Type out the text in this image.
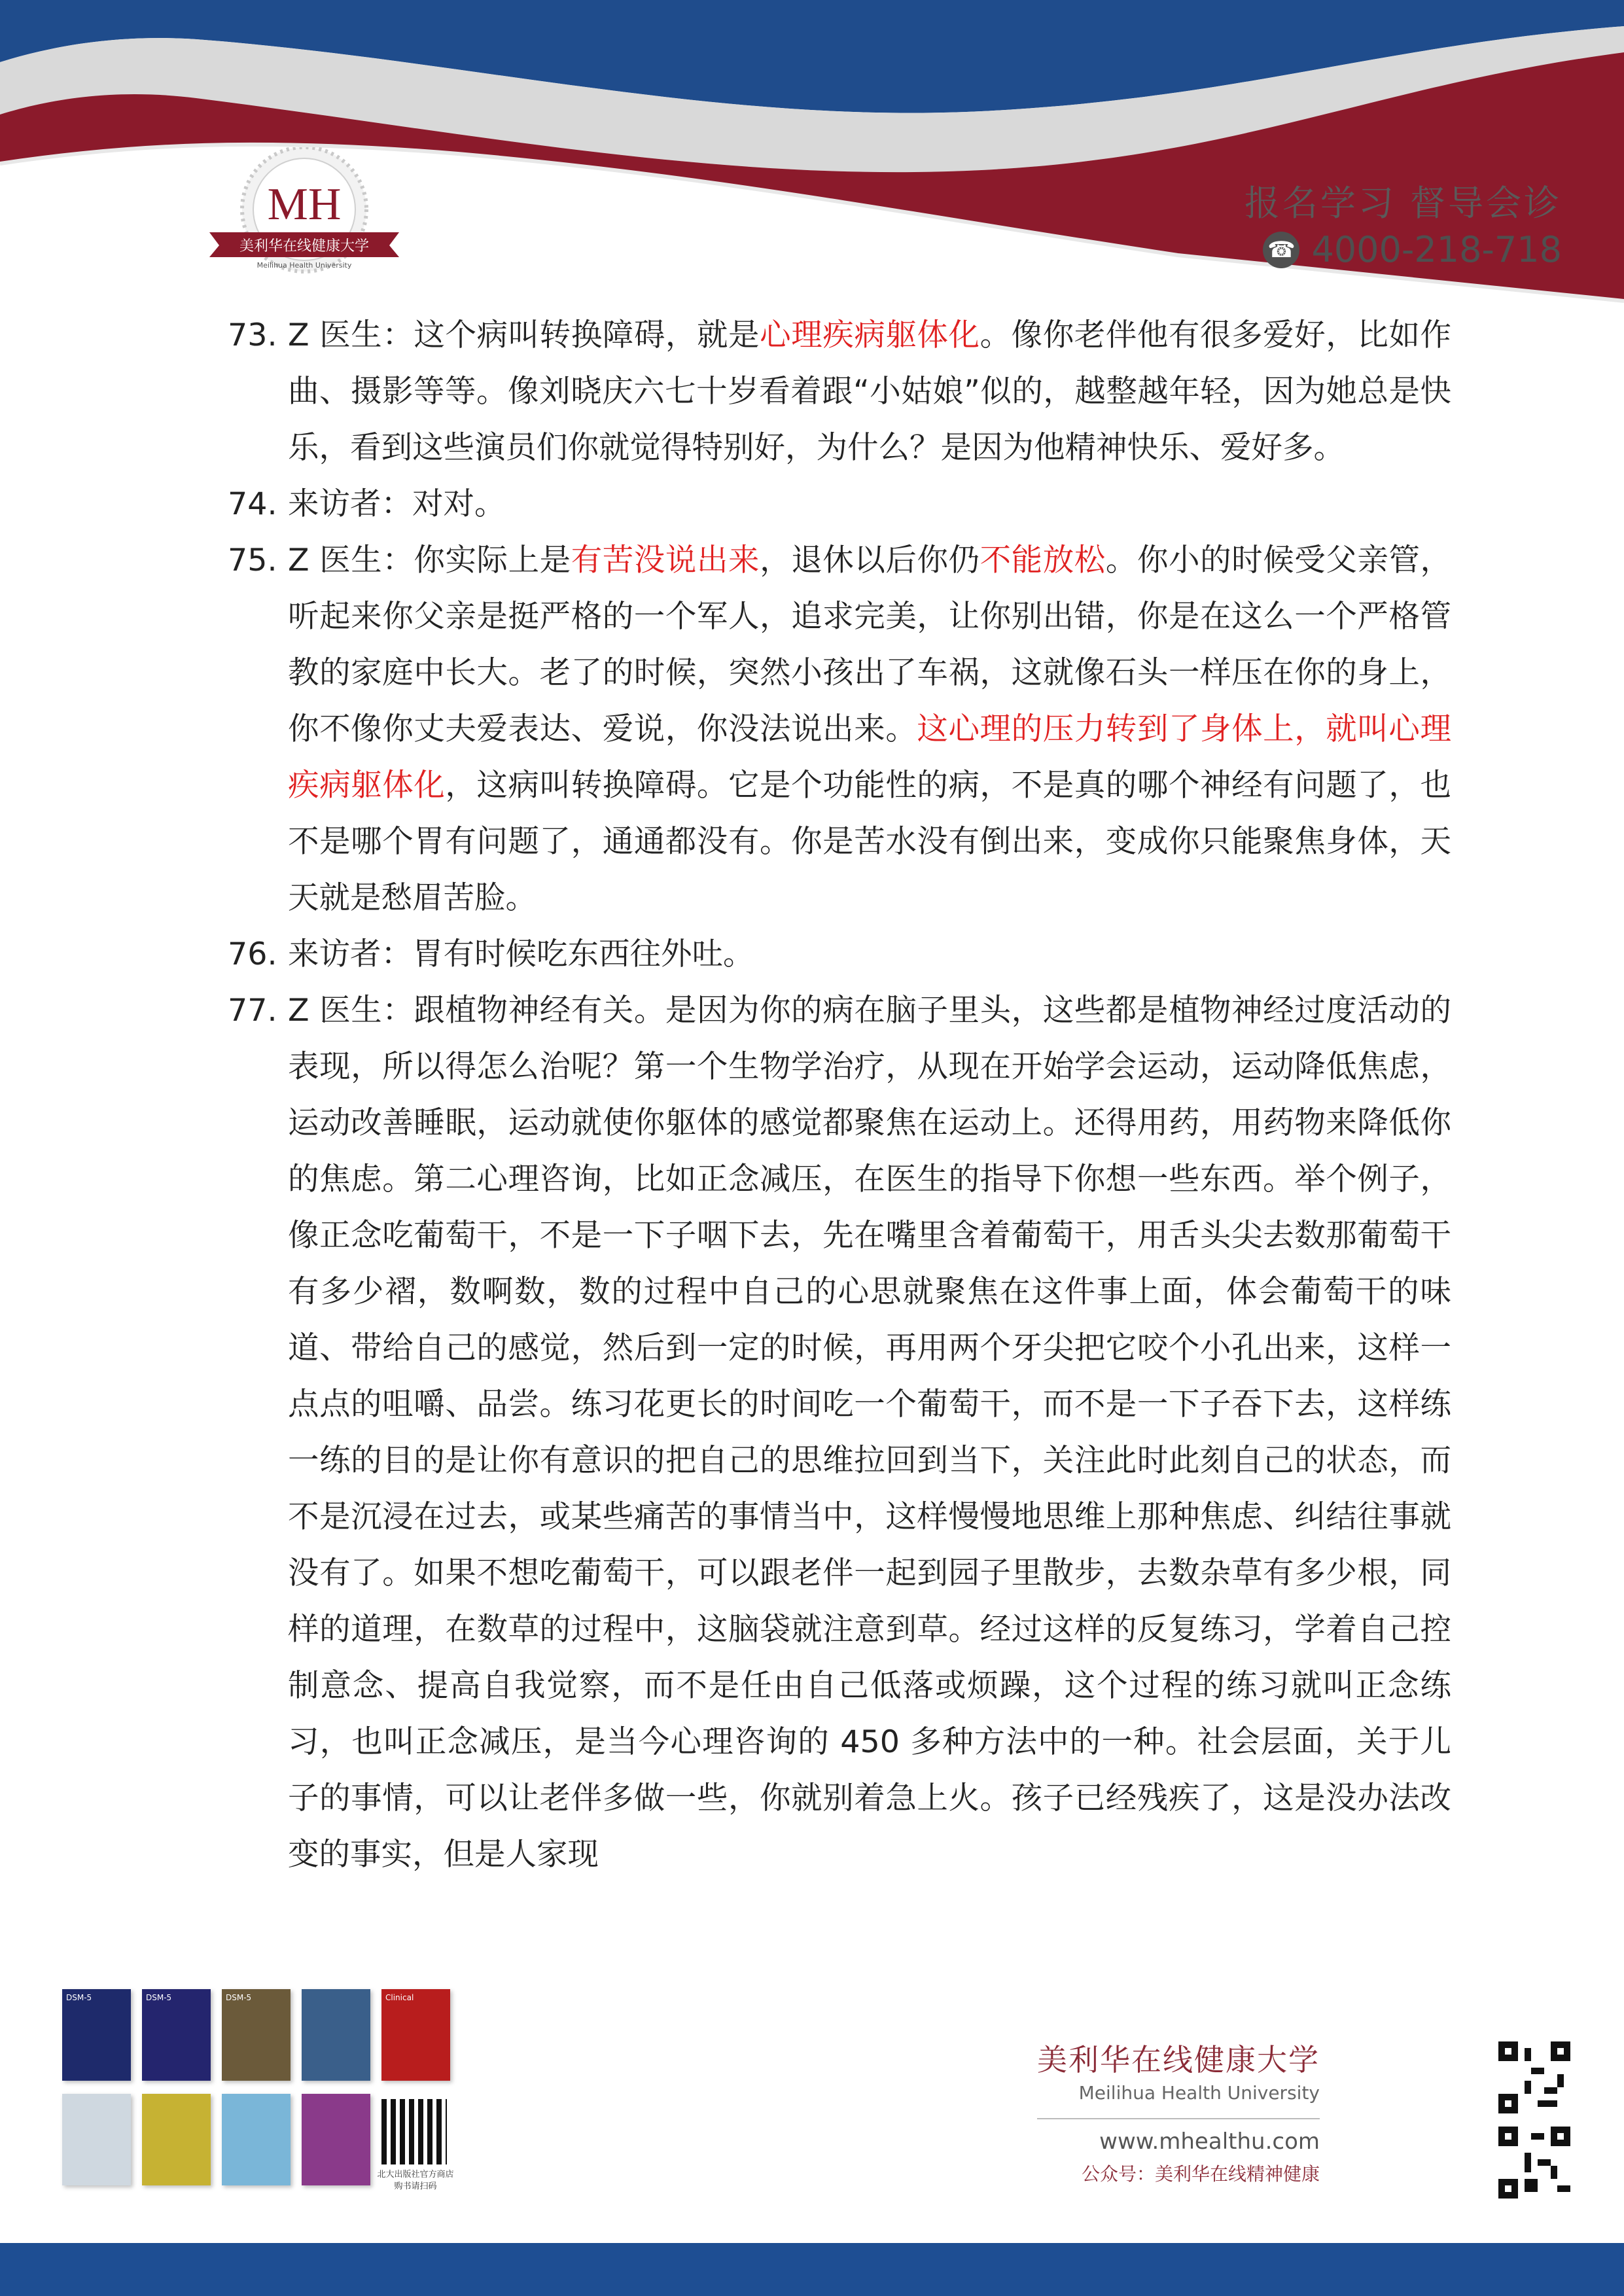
MH
美利华在线健康大学
Meilihua Health University
报名学习 督导会诊
☎ 4000-218-718
73. Z 医生：这个病叫转换障碍，就是心理疾病躯体化。像你老伴他有很多爱好，比如作曲、摄影等等。像刘晓庆六七十岁看着跟“小姑娘”似的，越整越年轻，因为她总是快乐，看到这些演员们你就觉得特别好，为什么？是因为他精神快乐、爱好多。
74. 来访者：对对。
75. Z 医生：你实际上是有苦没说出来，退休以后你仍不能放松。你小的时候受父亲管，听起来你父亲是挺严格的一个军人，追求完美，让你别出错，你是在这么一个严格管教的家庭中长大。老了的时候，突然小孩出了车祸，这就像石头一样压在你的身上，你不像你丈夫爱表达、爱说，你没法说出来。这心理的压力转到了身体上，就叫心理疾病躯体化，这病叫转换障碍。它是个功能性的病，不是真的哪个神经有问题了，也不是哪个胃有问题了，通通都没有。你是苦水没有倒出来，变成你只能聚焦身体，天天就是愁眉苦脸。
76. 来访者：胃有时候吃东西往外吐。
77. Z 医生：跟植物神经有关。是因为你的病在脑子里头，这些都是植物神经过度活动的表现，所以得怎么治呢？第一个生物学治疗，从现在开始学会运动，运动降低焦虑，运动改善睡眠，运动就使你躯体的感觉都聚焦在运动上。还得用药，用药物来降低你的焦虑。第二心理咨询，比如正念减压，在医生的指导下你想一些东西。举个例子，像正念吃葡萄干，不是一下子咽下去，先在嘴里含着葡萄干，用舌头尖去数那葡萄干有多少褶，数啊数，数的过程中自己的心思就聚焦在这件事上面，体会葡萄干的味道、带给自己的感觉，然后到一定的时候，再用两个牙尖把它咬个小孔出来，这样一点点的咀嚼、品尝。练习花更长的时间吃一个葡萄干，而不是一下子吞下去，这样练一练的目的是让你有意识的把自己的思维拉回到当下，关注此时此刻自己的状态，而不是沉浸在过去，或某些痛苦的事情当中，这样慢慢地思维上那种焦虑、纠结往事就没有了。如果不想吃葡萄干，可以跟老伴一起到园子里散步，去数杂草有多少根，同样的道理，在数草的过程中，这脑袋就注意到草。经过这样的反复练习，学着自己控制意念、提高自我觉察，而不是任由自己低落或烦躁，这个过程的练习就叫正念练习，也叫正念减压，是当今心理咨询的 450 多种方法中的一种。社会层面，关于儿子的事情，可以让老伴多做一些，你就别着急上火。孩子已经残疾了，这是没办法改变的事实，但是人家现
DSM-5	DSM-5	DSM-5	Clinical
北大出版社官方商店
购书请扫码
美利华在线健康大学
Meilihua Health University
www.mhealthu.com
公众号：美利华在线精神健康
